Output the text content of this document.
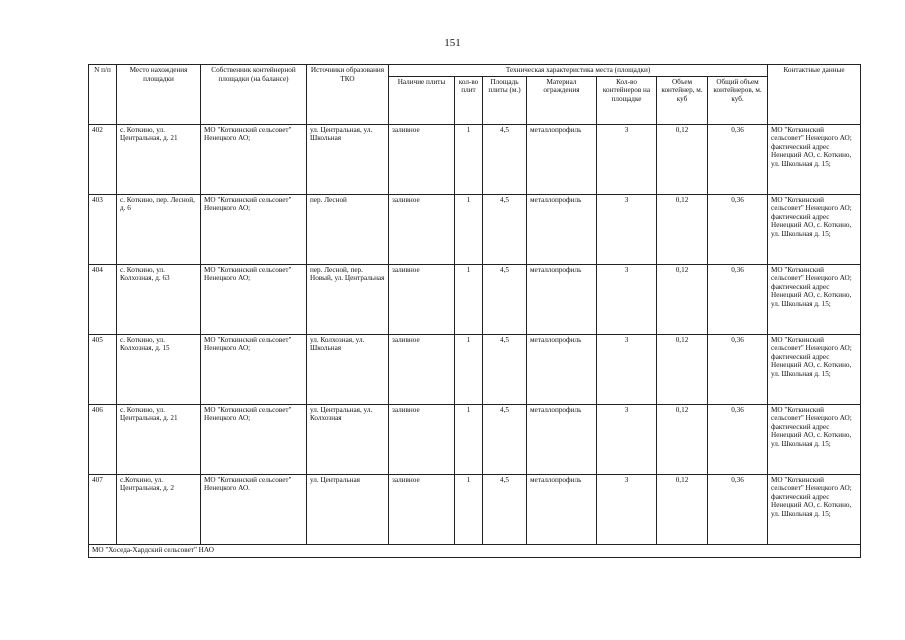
151
N п/п	Место нахождения площадки	Собственник контейнерной площадки (на балансе)	Источники образования ТКО	Техническая характеристика места (площадки)							Контактные данные
				Наличие плиты	кол-во плит	Площадь плиты (м.)	Материал ограждения	Кол-во контейнеров на площадке	Объем контейнер, м. куб	Общий объем контейнеров, м. куб.	
402	с. Коткино, ул. Центральная, д. 21	МО "Коткинский сельсовет" Ненецкого АО;	ул. Центральная, ул. Школьная	заливное	1	4,5	металлопрофиль	3	0,12	0,36	МО "Коткинский сельсовет" Ненецкого АО; фактический адрес Ненецкий АО, с. Коткино, ул. Школьная д. 15;
403	с. Коткино, пер. Лесной, д. 6	МО "Коткинский сельсовет" Ненецкого АО;	пер. Лесной	заливное	1	4,5	металлопрофиль	3	0,12	0,36	МО "Коткинский сельсовет" Ненецкого АО; фактический адрес Ненецкий АО, с. Коткино, ул. Школьная д. 15;
404	с. Коткино, ул. Колхозная, д. 63	МО "Коткинский сельсовет" Ненецкого АО;	пер. Лесной, пер. Новый, ул. Центральная	заливное	1	4,5	металлопрофиль	3	0,12	0,36	МО "Коткинский сельсовет" Ненецкого АО; фактический адрес Ненецкий АО, с. Коткино, ул. Школьная д. 15;
405	с. Коткино, ул. Колхозная, д. 15	МО "Коткинский сельсовет" Ненецкого АО;	ул. Колхозная, ул. Школьная	заливное	1	4,5	металлопрофиль	3	0,12	0,36	МО "Коткинский сельсовет" Ненецкого АО; фактический адрес Ненецкий АО, с. Коткино, ул. Школьная д. 15;
406	с. Коткино, ул. Центральная, д. 21	МО "Коткинский сельсовет" Ненецкого АО;	ул. Центральная, ул. Колхозная	заливное	1	4,5	металлопрофиль	3	0,12	0,36	МО "Коткинский сельсовет" Ненецкого АО; фактический адрес Ненецкий АО, с. Коткино, ул. Школьная д. 15;
407	с.Коткино, ул. Центральная, д. 2	МО "Коткинский сельсовет" Ненецкого АО.	ул. Центральная	заливное	1	4,5	металлопрофиль	3	0,12	0,36	МО "Коткинский сельсовет" Ненецкого АО; фактический адрес Ненецкий АО, с. Коткино, ул. Школьная д. 15;
МО "Хоседа-Хардский сельсовет" НАО											
